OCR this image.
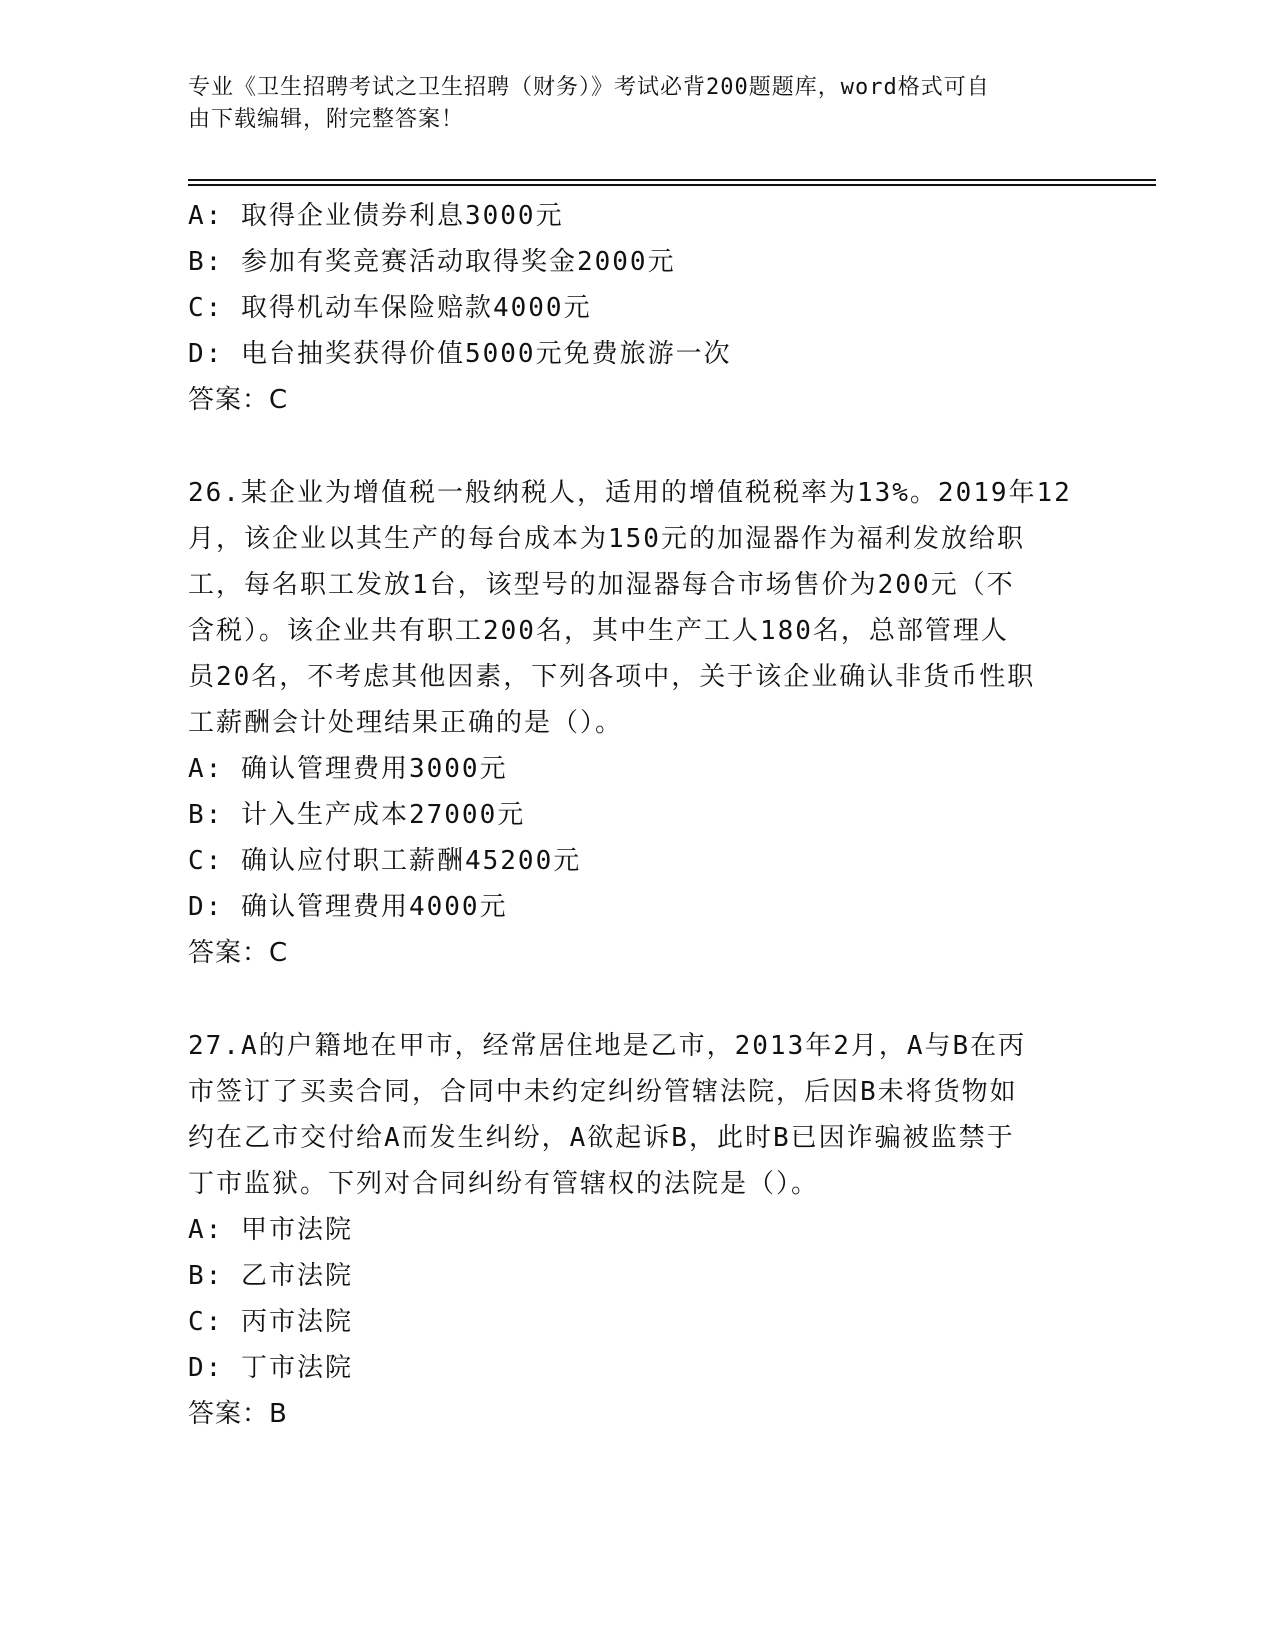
专业《卫生招聘考试之卫生招聘（财务）》考试必背200题题库，word格式可自
由下载编辑，附完整答案！
A: 取得企业债券利息3000元
B: 参加有奖竞赛活动取得奖金2000元
C: 取得机动车保险赔款4000元
D: 电台抽奖获得价值5000元免费旅游一次
答案：C
26.某企业为增值税一般纳税人，适用的增值税税率为13%。2019年12
月，该企业以其生产的每台成本为150元的加湿器作为福利发放给职
工，每名职工发放1台，该型号的加湿器每合市场售价为200元（不
含税）。该企业共有职工200名，其中生产工人180名，总部管理人
员20名，不考虑其他因素，下列各项中，关于该企业确认非货币性职
工薪酬会计处理结果正确的是（）。
A: 确认管理费用3000元
B: 计入生产成本27000元
C: 确认应付职工薪酬45200元
D: 确认管理费用4000元
答案：C
27.A的户籍地在甲市，经常居住地是乙市，2013年2月，A与B在丙
市签订了买卖合同，合同中未约定纠纷管辖法院，后因B未将货物如
约在乙市交付给A而发生纠纷，A欲起诉B，此时B已因诈骗被监禁于
丁市监狱。下列对合同纠纷有管辖权的法院是（）。
A: 甲市法院
B: 乙市法院
C: 丙市法院
D: 丁市法院
答案：B
